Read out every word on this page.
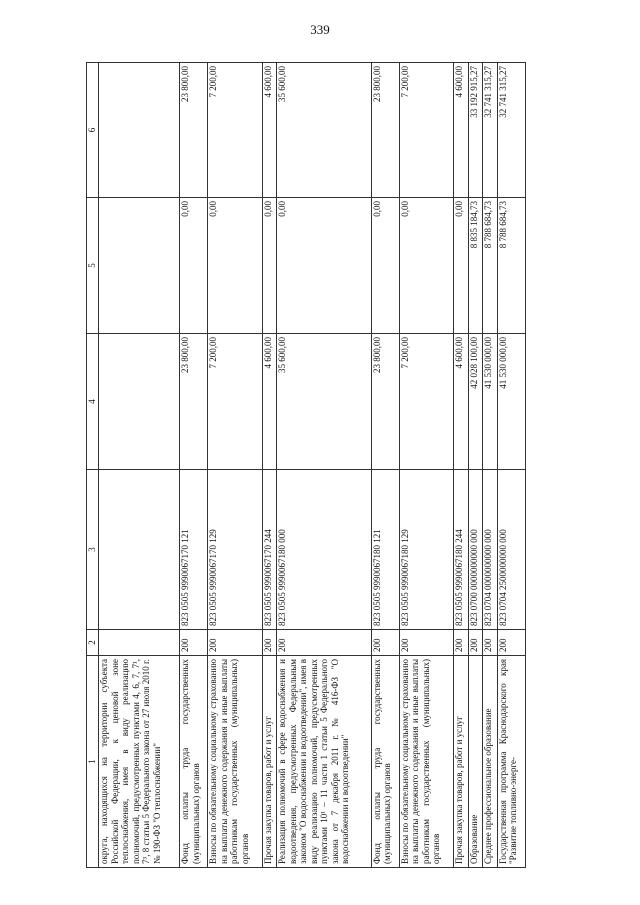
339
1	2	3	4	5	6
округа, находящихся на территории субъекта Российской Федерации, к ценовой зоне теплоснабжения, имея в виду реализацию полномочий, предусмотренных пунктами 4, 6, 7, 7¹, 7³, 8 статьи 5 Федерального закона от 27 июля 2010 г. № 190-ФЗ "О теплоснабжении"					
Фонд оплаты труда государственных (муниципальных) органов	200	823 0505 9990067170 121	23 800,00	0,00	23 800,00
Взносы по обязательному социальному страхованию на выплаты денежного содержания и иные выплаты работникам государственных (муниципальных) органов	200	823 0505 9990067170 129	7 200,00	0,00	7 200,00
Прочая закупка товаров, работ и услуг	200	823 0505 9990067170 244	4 600,00	0,00	4 600,00
Реализация полномочий в сфере водоснабжения и водоотведения, предусмотренных Федеральным законом "О водоснабжении и водоотведении", имея в виду реализацию полномочий, предусмотренных пунктами 10¹ – 11 части 1 статьи 5 Федерального закона от 7 декабря 2011 г. № 416-ФЗ "О водоснабжении и водоотведении"	200	823 0505 9990067180 000	35 600,00	0,00	35 600,00
Фонд оплаты труда государственных (муниципальных) органов	200	823 0505 9990067180 121	23 800,00	0,00	23 800,00
Взносы по обязательному социальному страхованию на выплаты денежного содержания и иные выплаты работникам государственных (муниципальных) органов	200	823 0505 9990067180 129	7 200,00	0,00	7 200,00
Прочая закупка товаров, работ и услуг	200	823 0505 9990067180 244	4 600,00	0,00	4 600,00
Образование	200	823 0700 0000000000 000	42 028 100,00	8 835 184,73	33 192 915,27
Среднее профессиональное образование	200	823 0704 0000000000 000	41 530 000,00	8 788 684,73	32 741 315,27
Государственная программа Краснодарского края "Развитие топливно-энерге-	200	823 0704 2500000000 000	41 530 000,00	8 788 684,73	32 741 315,27
